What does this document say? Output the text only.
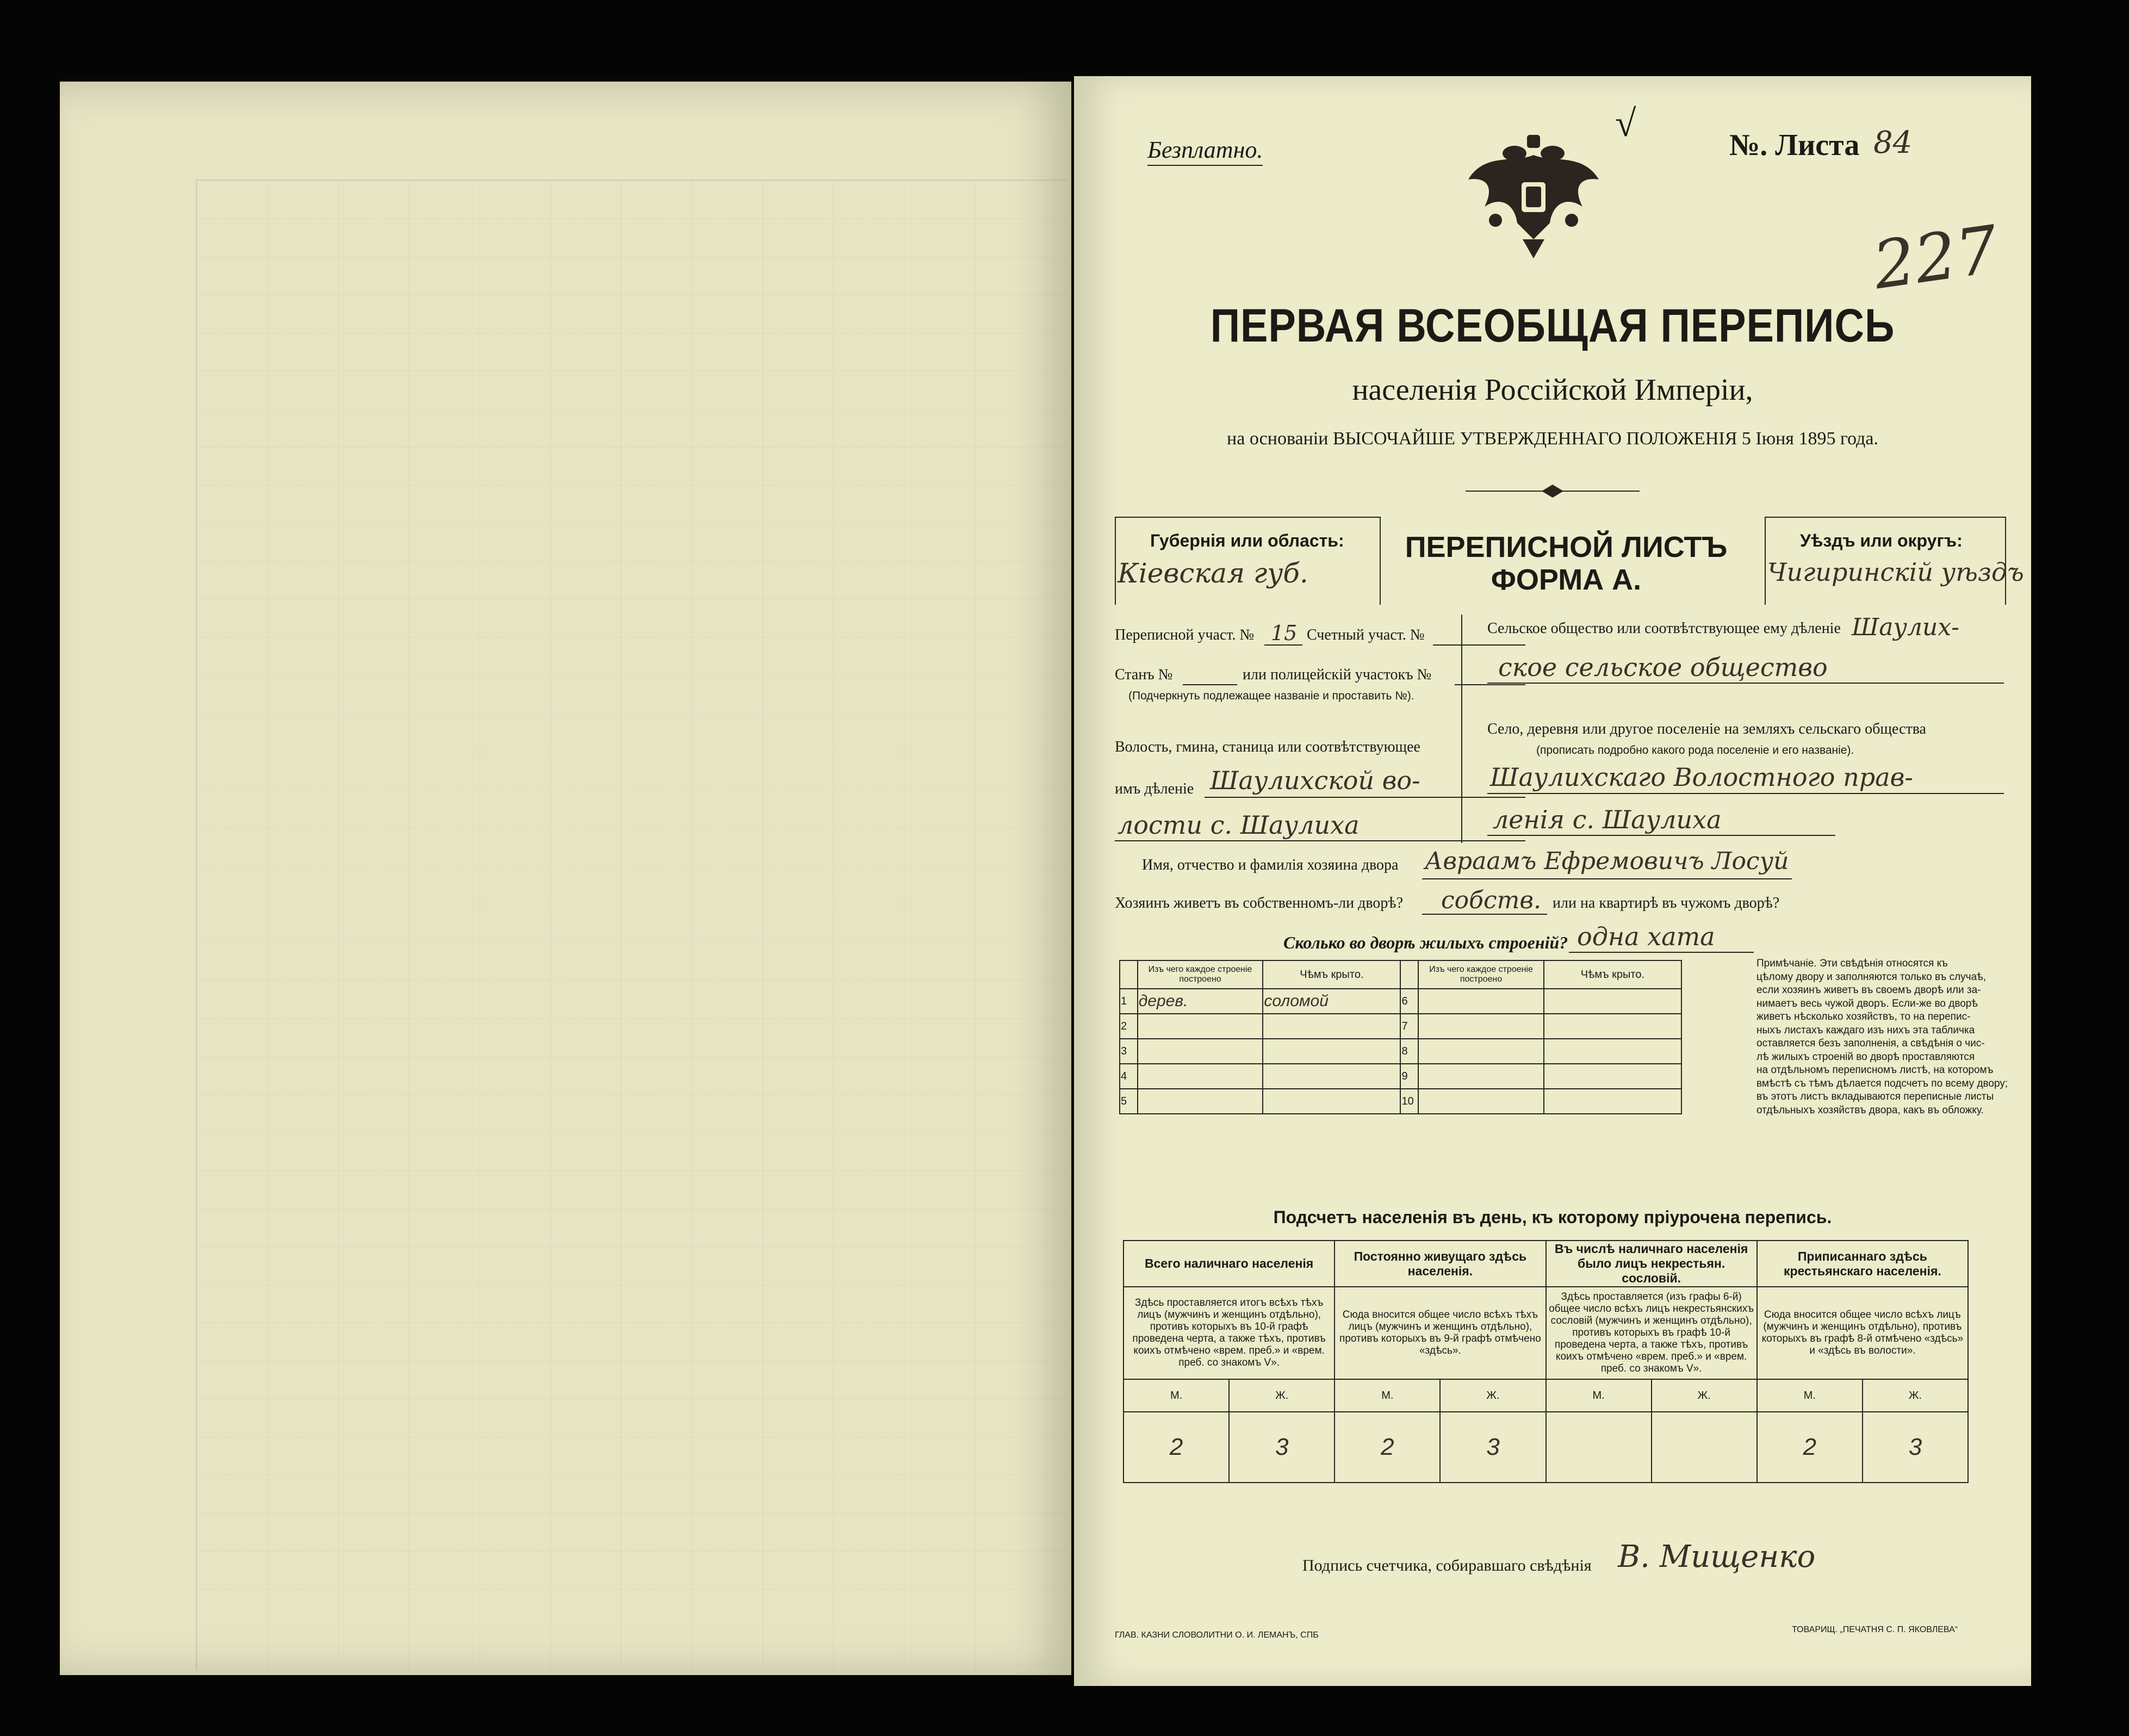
Безплатно.
√
№. Листа 84
227
ПЕРВАЯ ВСЕОБЩАЯ ПЕРЕПИСЬ
населенія Россійской Имперіи,
на основаніи ВЫСОЧАЙШЕ УТВЕРЖДЕННАГО ПОЛОЖЕНІЯ 5 Іюня 1895 года.
Губернія или область:
Кіевская губ.
ПЕРЕПИСНОЙ ЛИСТЪ
ФОРМА А.
Уѣздъ или округъ:
Чигиринскій уѣздъ
Переписной участ. № 15 Счетный участ. №
Станъ №	или полицейскій участокъ №
(Подчеркнуть подлежащее названіе и проставить №).
Волость, гмина, станица или соотвѣтствующее
имъ дѣленіе Шаулихской во-
лости с. Шаулиха
Сельское общество или соотвѣтствующее ему дѣленіе Шаулих-
ское сельское общество
Село, деревня или другое поселеніе на земляхъ сельскаго общества
(прописать подробно какого рода поселеніе и его названіе).
Шаулихскаго Волостного прав-
ленія с. Шаулиха
Имя, отчество и фамилія хозяина двора Авраамъ Ефремовичъ Лосуй
Хозяинъ живетъ въ собственномъ-ли дворѣ? собств. или на квартирѣ въ чужомъ дворѣ?
Сколько во дворѣ жилыхъ строеній? одна хата
	Изъ чего каждое строеніе построено	Чѣмъ крыто.		Изъ чего каждое строеніе построено	Чѣмъ крыто.
1	дерев.	соломой	6		
2			7		
3			8		
4			9		
5			10		

Примѣчаніе. Эти свѣдѣнія относятся къ

цѣлому двору и заполняются только въ случаѣ,

если хозяинъ живетъ въ своемъ дворѣ или за-

нимаетъ весь чужой дворъ. Если-же во дворѣ

живетъ нѣсколько хозяйствъ, то на перепис-

ныхъ листахъ каждаго изъ нихъ эта табличка

оставляется безъ заполненія, а свѣдѣнія о чис-

лѣ жилыхъ строеній во дворѣ проставляются

на отдѣльномъ переписномъ листѣ, на которомъ

вмѣстѣ съ тѣмъ дѣлается подсчетъ по всему двору;

въ этотъ листъ вкладываются переписные листы

отдѣльныхъ хозяйствъ двора, какъ въ обложку.

Подсчетъ населенія въ день, къ которому пріурочена перепись.
Всего наличнаго населенія		Постоянно живущаго здѣсь населенія.		Въ числѣ наличнаго населенія было лицъ некрестьян. сословій.		Приписаннаго здѣсь крестьянскаго населенія.	
Здѣсь проставляется итогъ всѣхъ тѣхъ лицъ (мужчинъ и женщинъ отдѣльно), противъ которыхъ въ 10-й графѣ проведена черта, а также тѣхъ, противъ коихъ отмѣчено «врем. преб.» и «врем. преб. со знакомъ V».		Сюда вносится общее число всѣхъ тѣхъ лицъ (мужчинъ и женщинъ отдѣльно), противъ которыхъ въ 9-й графѣ отмѣчено «здѣсь».		Здѣсь проставляется (изъ графы 6-й) общее число всѣхъ лицъ некрестьянскихъ сословій (мужчинъ и женщинъ отдѣльно), противъ которыхъ въ графѣ 10-й проведена черта, а также тѣхъ, противъ коихъ отмѣчено «врем. преб.» и «врем. преб. со знакомъ V».		Сюда вносится общее число всѣхъ лицъ (мужчинъ и женщинъ отдѣльно), противъ которыхъ въ графѣ 8-й отмѣчено «здѣсь» и «здѣсь въ волости».	
М.	Ж.	М.	Ж.	М.	Ж.	М.	Ж.
2	3	2	3			2	3
Подпись счетчика, собиравшаго свѣдѣнія В. Мищенко
ГЛАВ. КАЗНИ СЛОВОЛИТНИ О. И. ЛЕМАНЪ, СПБ
ТОВАРИЩ. „ПЕЧАТНЯ С. П. ЯКОВЛЕВА“
